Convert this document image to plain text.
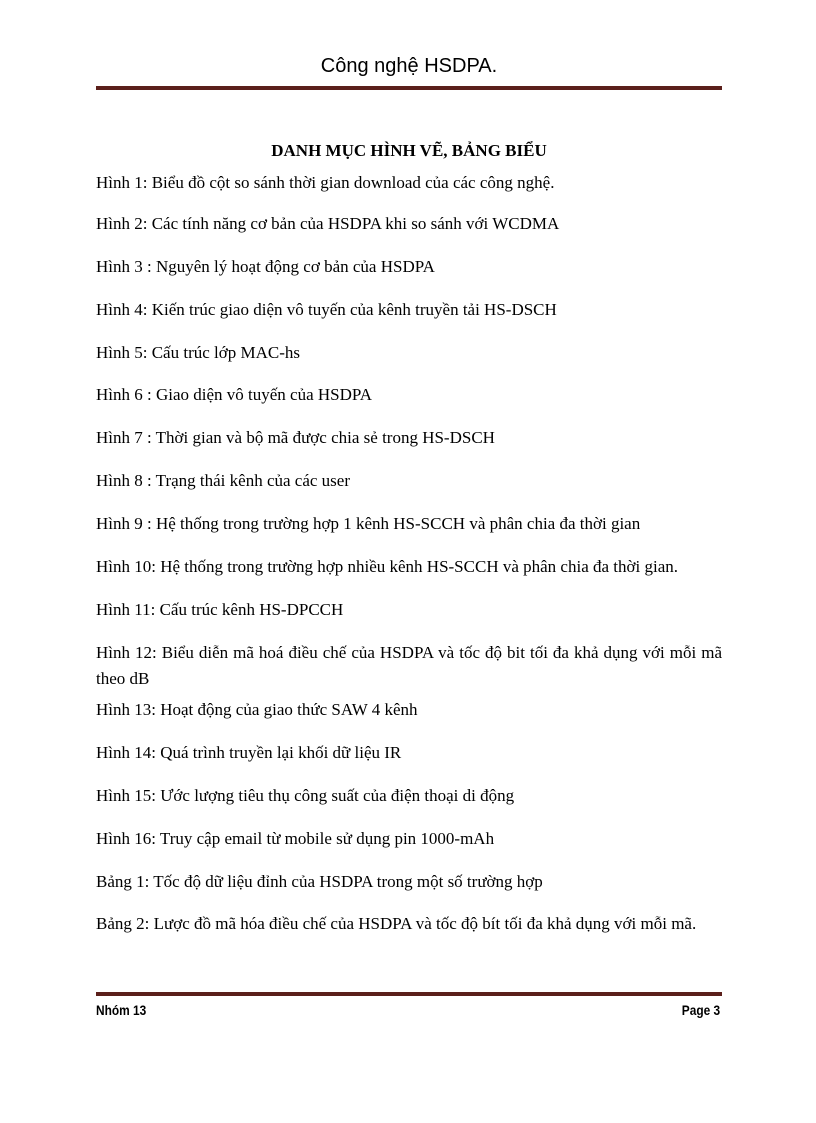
Công nghệ HSDPA.
DANH MỤC HÌNH VẼ, BẢNG BIỂU
Hình 1: Biểu đồ cột so sánh thời gian download của các công nghệ.
Hình 2: Các tính năng cơ bản của HSDPA khi so sánh với WCDMA
Hình 3 : Nguyên lý hoạt động cơ bản của HSDPA
Hình 4: Kiến trúc giao diện vô tuyến của kênh truyền tải HS-DSCH
Hình 5: Cấu trúc lớp MAC-hs
Hình 6 : Giao diện vô tuyến của HSDPA
Hình 7 : Thời gian và bộ mã được chia sẻ trong HS-DSCH
Hình 8 : Trạng thái kênh của các user
Hình 9 : Hệ thống trong trường hợp 1 kênh HS-SCCH và phân chia đa thời gian
Hình 10: Hệ thống trong trường hợp nhiều kênh HS-SCCH và phân chia đa thời gian.
Hình 11: Cấu trúc kênh HS-DPCCH
Hình 12: Biểu diễn mã hoá điều chế của HSDPA và tốc độ bit tối đa khả dụng với mỗi mã theo dB
Hình 13: Hoạt động của giao thức SAW 4 kênh
Hình 14: Quá trình truyền lại khối dữ liệu IR
Hình 15: Ước lượng tiêu thụ công suất của điện thoại di động
Hình 16: Truy cập email từ mobile sử dụng pin 1000-mAh
Bảng 1: Tốc độ dữ liệu đỉnh của HSDPA trong một số trường hợp
Bảng 2: Lược đồ mã hóa điều chế của HSDPA và tốc độ bít tối đa khả dụng với mỗi mã.
Nhóm 13	Page 3
